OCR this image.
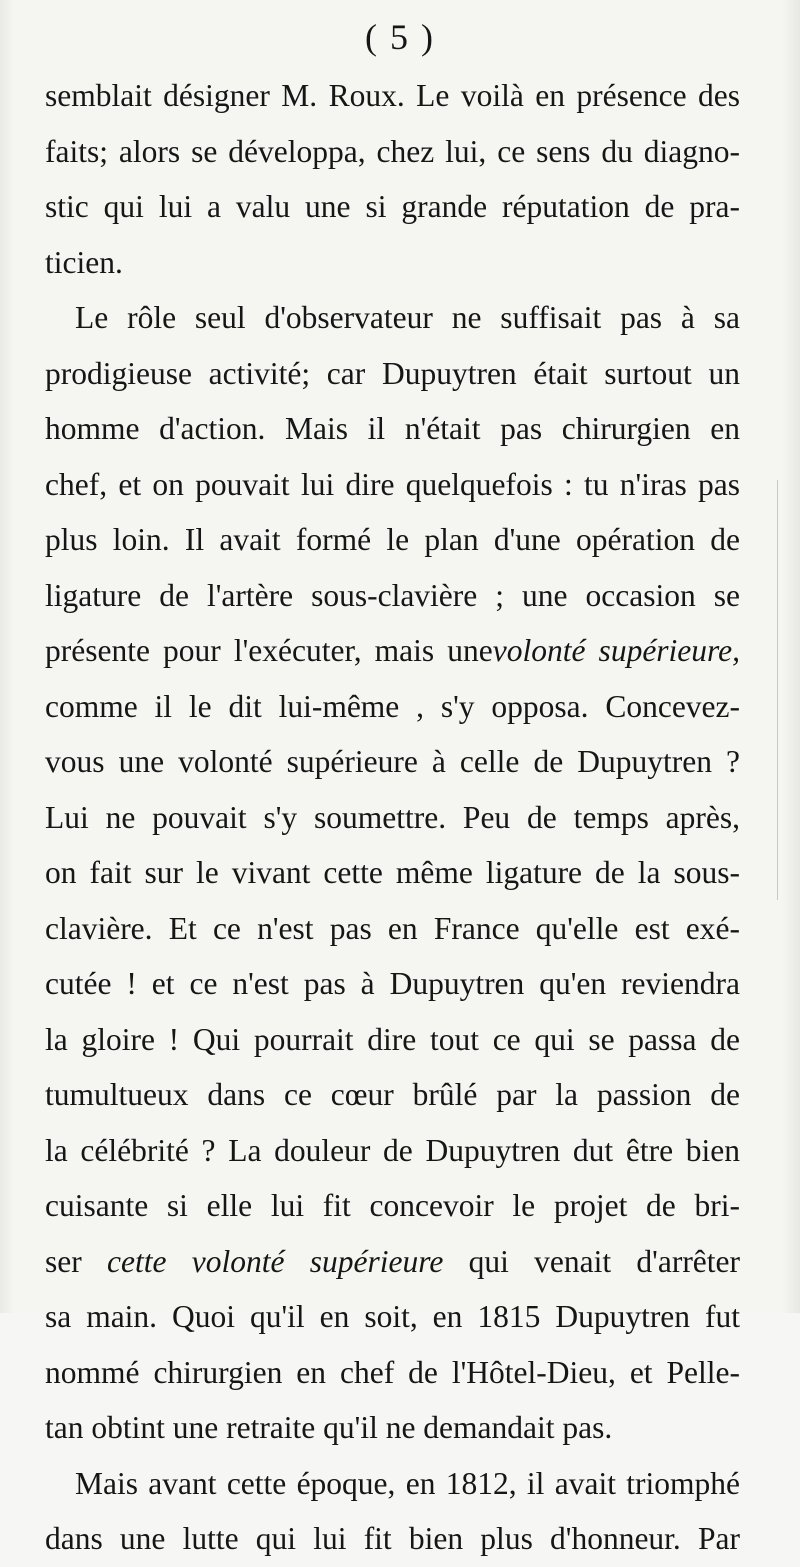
( 5 )

semblait désigner M. Roux. Le voilà en présence des
faits; alors se développa, chez lui, ce sens du diagno-
stic qui lui a valu une si grande réputation de pra-
ticien.

Le rôle seul d'observateur ne suffisait pas à sa
prodigieuse activité; car Dupuytren était surtout un
homme d'action. Mais il n'était pas chirurgien en
chef, et on pouvait lui dire quelquefois : tu n'iras pas
plus loin. Il avait formé le plan d'une opération de
ligature de l'artère sous-clavière ; une occasion se
présente pour l'exécuter, mais unevolonté supérieure,
comme il le dit lui-même , s'y opposa. Concevez-
vous une volonté supérieure à celle de Dupuytren ?
Lui ne pouvait s'y soumettre. Peu de temps après,
on fait sur le vivant cette même ligature de la sous-
clavière. Et ce n'est pas en France qu'elle est exé-
cutée ! et ce n'est pas à Dupuytren qu'en reviendra
la gloire ! Qui pourrait dire tout ce qui se passa de
tumultueux dans ce cœur brûlé par la passion de
la célébrité ? La douleur de Dupuytren dut être bien
cuisante si elle lui fit concevoir le projet de bri-
ser cette volonté supérieure qui venait d'arrêter
sa main. Quoi qu'il en soit, en 1815 Dupuytren fut
nommé chirurgien en chef de l'Hôtel-Dieu, et Pelle-
tan obtint une retraite qu'il ne demandait pas.

Mais avant cette époque, en 1812, il avait triomphé
dans une lutte qui lui fit bien plus d'honneur. Par
